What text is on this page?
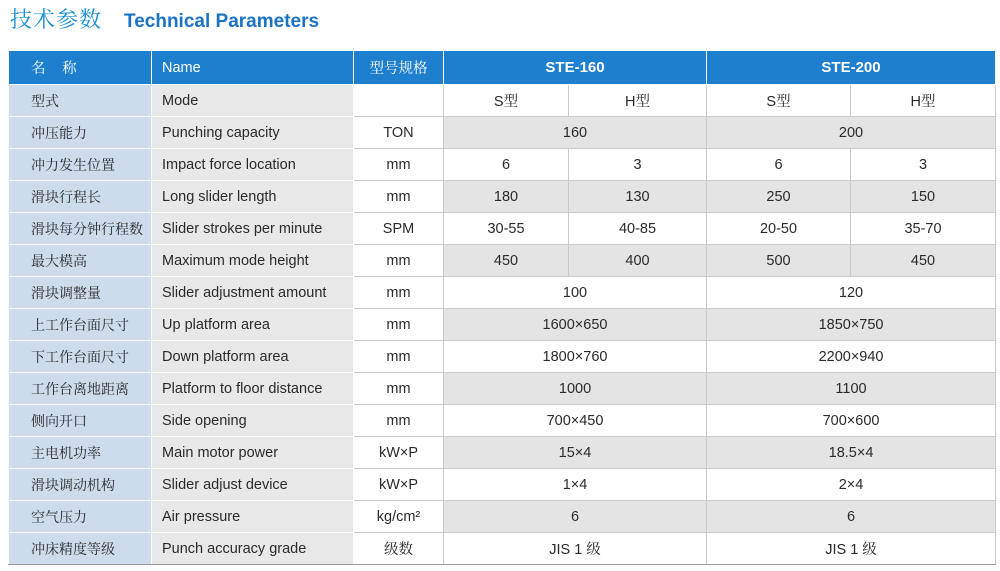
技术参数 Technical Parameters
名 称	Name	型号规格	STE-160		STE-200	
型式	Mode		S型	H型	S型	H型
冲压能力	Punching capacity	TON	160		200	
冲力发生位置	Impact force location	mm	6	3	6	3
滑块行程长	Long slider length	mm	180	130	250	150
滑块每分钟行程数	Slider strokes per minute	SPM	30-55	40-85	20-50	35-70
最大模高	Maximum mode height	mm	450	400	500	450
滑块调整量	Slider adjustment amount	mm	100		120	
上工作台面尺寸	Up platform area	mm	1600×650		1850×750	
下工作台面尺寸	Down platform area	mm	1800×760		2200×940	
工作台离地距离	Platform to floor distance	mm	1000		1100	
侧向开口	Side opening	mm	700×450		700×600	
主电机功率	Main motor power	kW×P	15×4		18.5×4	
滑块调动机构	Slider adjust device	kW×P	1×4		2×4	
空气压力	Air pressure	kg/cm²	6		6	
冲床精度等级	Punch accuracy grade	级数	JIS 1 级		JIS 1 级	
